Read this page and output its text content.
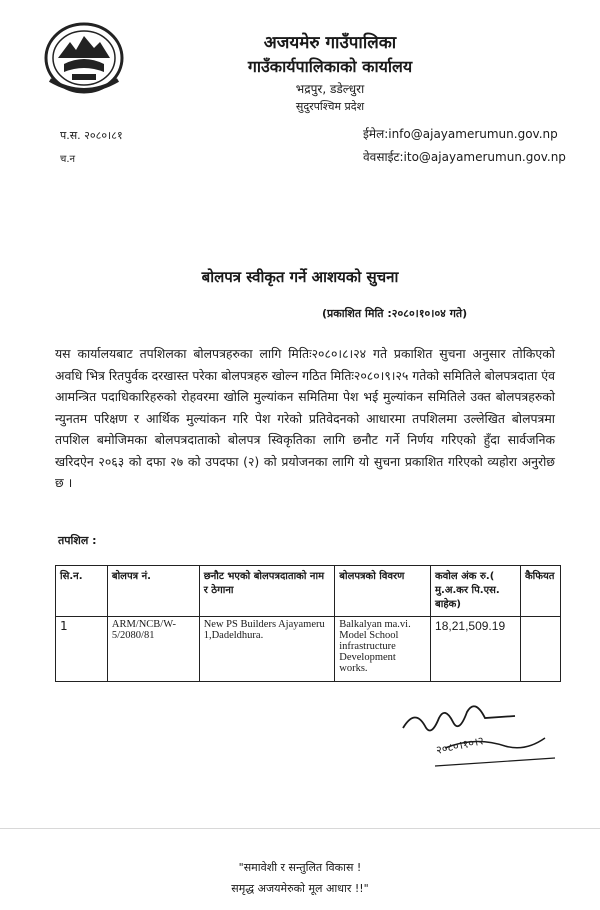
अजयमेरु गाउँपालिका
गाउँकार्यपालिकाको कार्यालय
भद्रपुर, डडेल्धुरा
सुदुरपश्चिम प्रदेश
प.स. २०८०।८१
च.न
ईमेल:info@ajayamerumun.gov.np
वेवसाईट:ito@ajayamerumun.gov.np
बोलपत्र स्वीकृत गर्ने आशयको सुचना
(प्रकाशित मिति :२०८०।१०।०४ गते)
यस कार्यालयबाट तपशिलका बोलपत्रहरुका लागि मितिः२०८०।८।२४ गते प्रकाशित सुचना अनुसार तोकिएको अवधि भित्र रितपुर्वक दरखास्त परेका बोलपत्रहरु खोल्न गठित मितिः२०८०।९।२५ गतेको समितिले बोलपत्रदाता एंव आमन्त्रित पदाधिकारिहरुको रोहवरमा खोलि मुल्यांकन समितिमा पेश भई मुल्यांकन समितिले उक्त बोलपत्रहरुको न्युनतम परिक्षण र आर्थिक मुल्यांकन गरि पेश गरेको प्रतिवेदनको आधारमा तपशिलमा उल्लेखित बोलपत्रमा तपशिल बमोजिमका बोलपत्रदाताको बोलपत्र स्विकृतिका लागि छनौट गर्ने निर्णय गरिएको हुँदा सार्वजनिक खरिदऐन २०६३ को दफा २७ को उपदफा (२) को प्रयोजनका लागि यो सुचना प्रकाशित गरिएको व्यहोरा अनुरोछ छ ।
तपशिल :
सि.न.	बोलपत्र नं.	छनौट भएको बोलपत्रदाताको नाम र ठेगाना	बोलपत्रको विवरण	कवोल अंक रु.( मु.अ.कर पि.एस. बाहेक)	कैफियत
1	ARM/NCB/W-5/2080/81	New PS Builders Ajayameru 1,Dadeldhura.	Balkalyan ma.vi. Model School infrastructure Development works.	18,21,509.19	
२०८०।१०।२
"समावेशी र सन्तुलित विकास !
समृद्ध अजयमेरुको मूल आधार !!"
